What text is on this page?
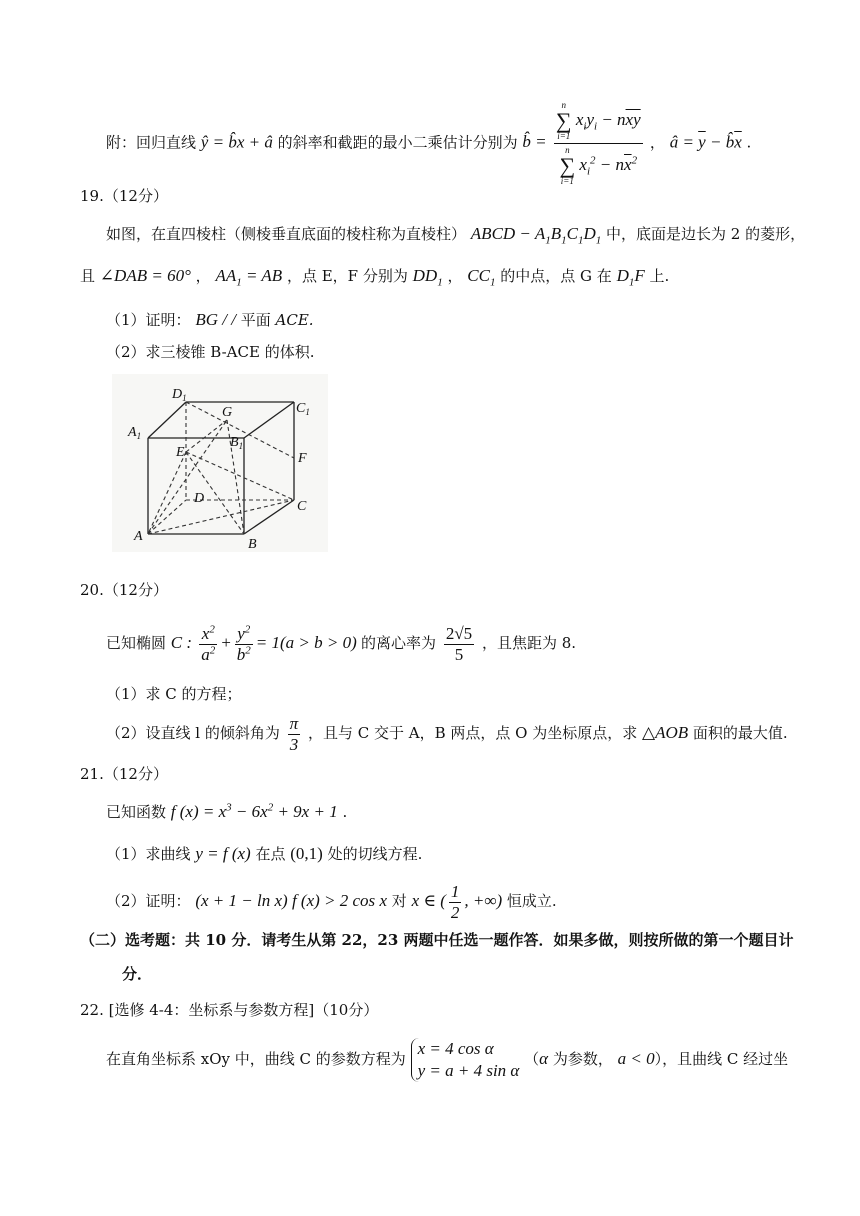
附：回归直线 ŷ = b̂x + â 的斜率和截距的最小二乘估计分别为 b̂ = n
∑
i=1
$x_iy_i - n\overline{xy}$
n
∑
i=1
$x_i^2 - n\overline{x}^2$ ， â = $\overline{y}$ − $b̂\overline{x}$ .
19.（12分）
如图，在直四棱柱（侧棱垂直底面的棱柱称为直棱柱） ABCD − $A_1B_1C_1D_1$ 中，底面是边长为 2 的菱形，
且 ∠DAB = 60° ， $AA_1$ = AB ，点 E，F 分别为 $DD_1$ ， $CC_1$ 的中点，点 G 在 $D_1F$ 上.
（1）证明： BG / / 平面 ACE.
（2）求三棱锥 B-ACE 的体积.
$D_1$
$C_1$
$A_1$	$B_1$
G
E	F
D
C
A
B
20.（12分）
已知椭圆 C : $\frac{x^2}{a^2} + \frac{y^2}{b^2} = 1(a > b > 0)$ 的离心率为 $\frac{2√5}{5}$ ，且焦距为 8.
（1）求 C 的方程；
（2）设直线 l 的倾斜角为 $\frac{\pi}{3}$ ，且与 C 交于 A，B 两点，点 O 为坐标原点，求 △AOB 面积的最大值.
21.（12分）
已知函数 f $(x) = x^3 - 6x^2 + 9x + 1$ .
（1）求曲线 y = f (x) 在点 (0,1) 处的切线方程.
（2）证明： (x + 1 − ln x) f (x) > 2 cos x 对 x ∈ ( $\frac{1}{2}$ , +∞) 恒成立.
（二）选考题：共 10 分．请考生从第 22，23 两题中任选一题作答．如果多做，则按所做的第一个题目计
分．
22. [选修 4-4：坐标系与参数方程]（10分）
在直角坐标系 xOy 中，曲线 C 的参数方程为
x = 4 cos α
y = a + 4 sin α
（α 为参数， a < 0），且曲线 C 经过坐
